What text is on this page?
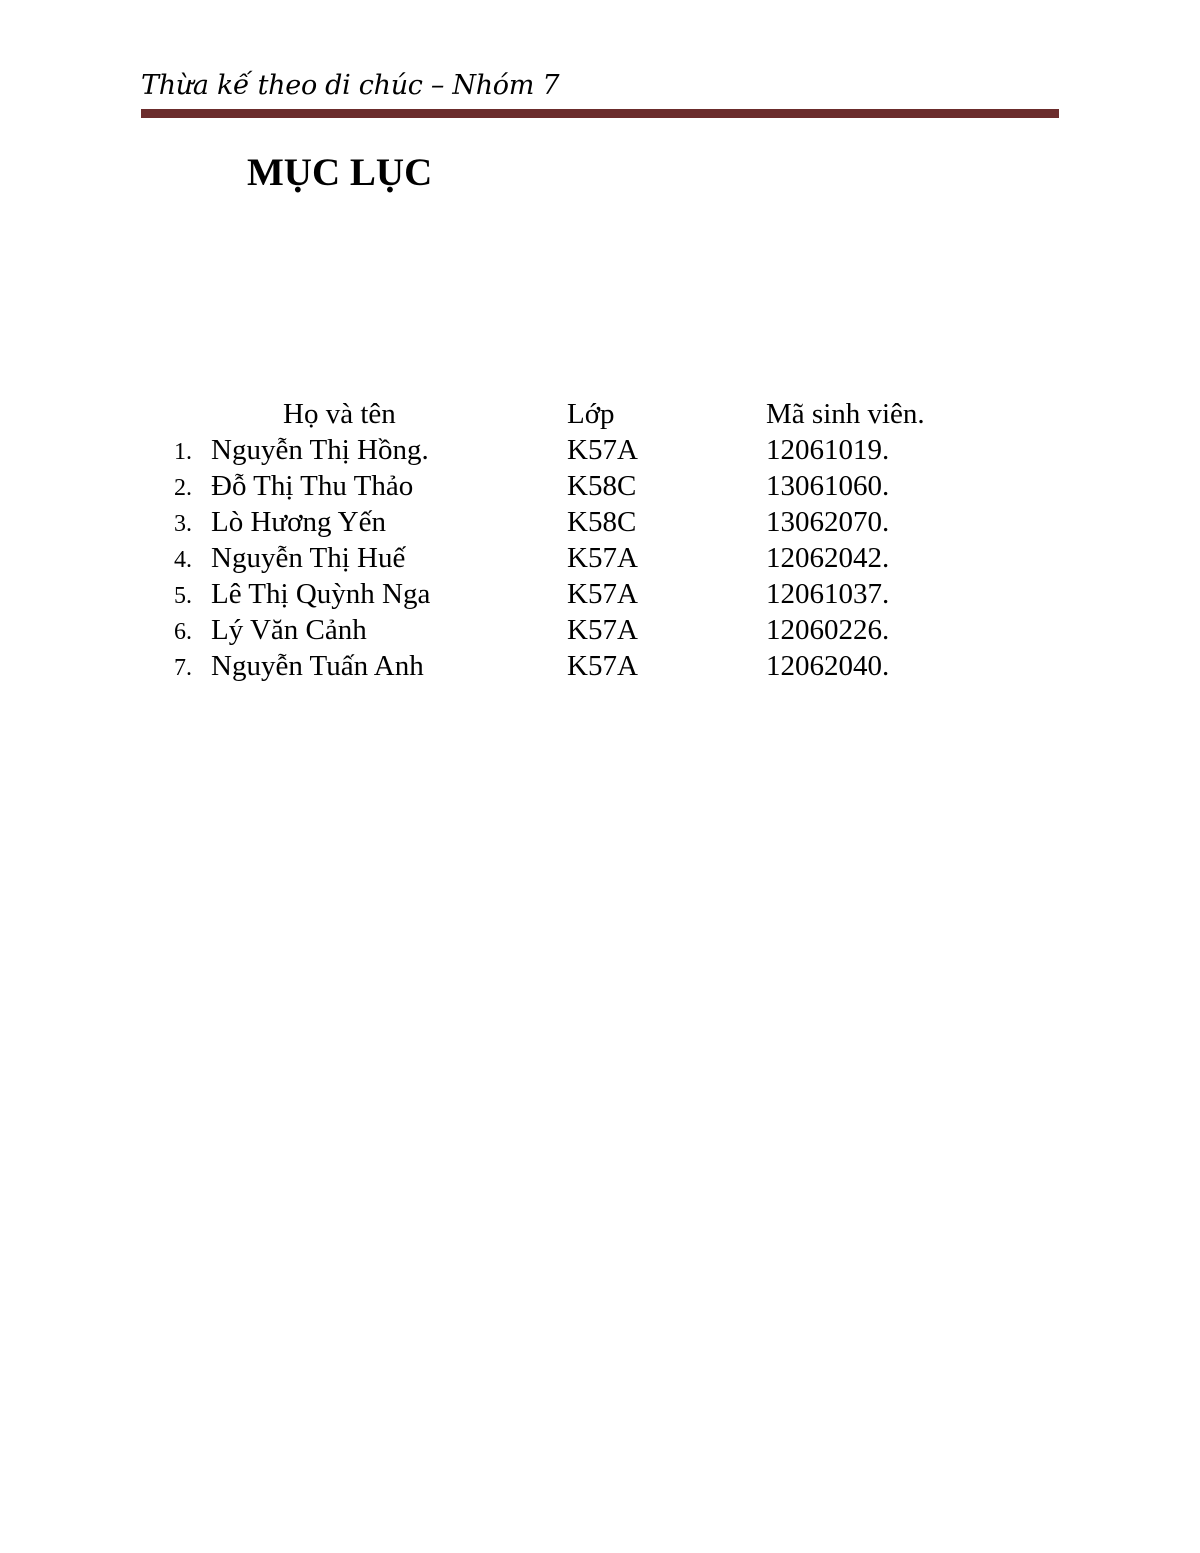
Thừa kế theo di chúc – Nhóm 7
MỤC LỤC
Họ và tên	Lớp	Mã sinh viên.
1. Nguyễn Thị Hồng.	K57A	12061019.
2. Đỗ Thị Thu Thảo	K58C	13061060.
3. Lò Hương Yến	K58C	13062070.
4. Nguyễn Thị Huế	K57A	12062042.
5. Lê Thị Quỳnh Nga	K57A	12061037.
6. Lý Văn Cảnh	K57A	12060226.
7. Nguyễn Tuấn Anh	K57A	12062040.
